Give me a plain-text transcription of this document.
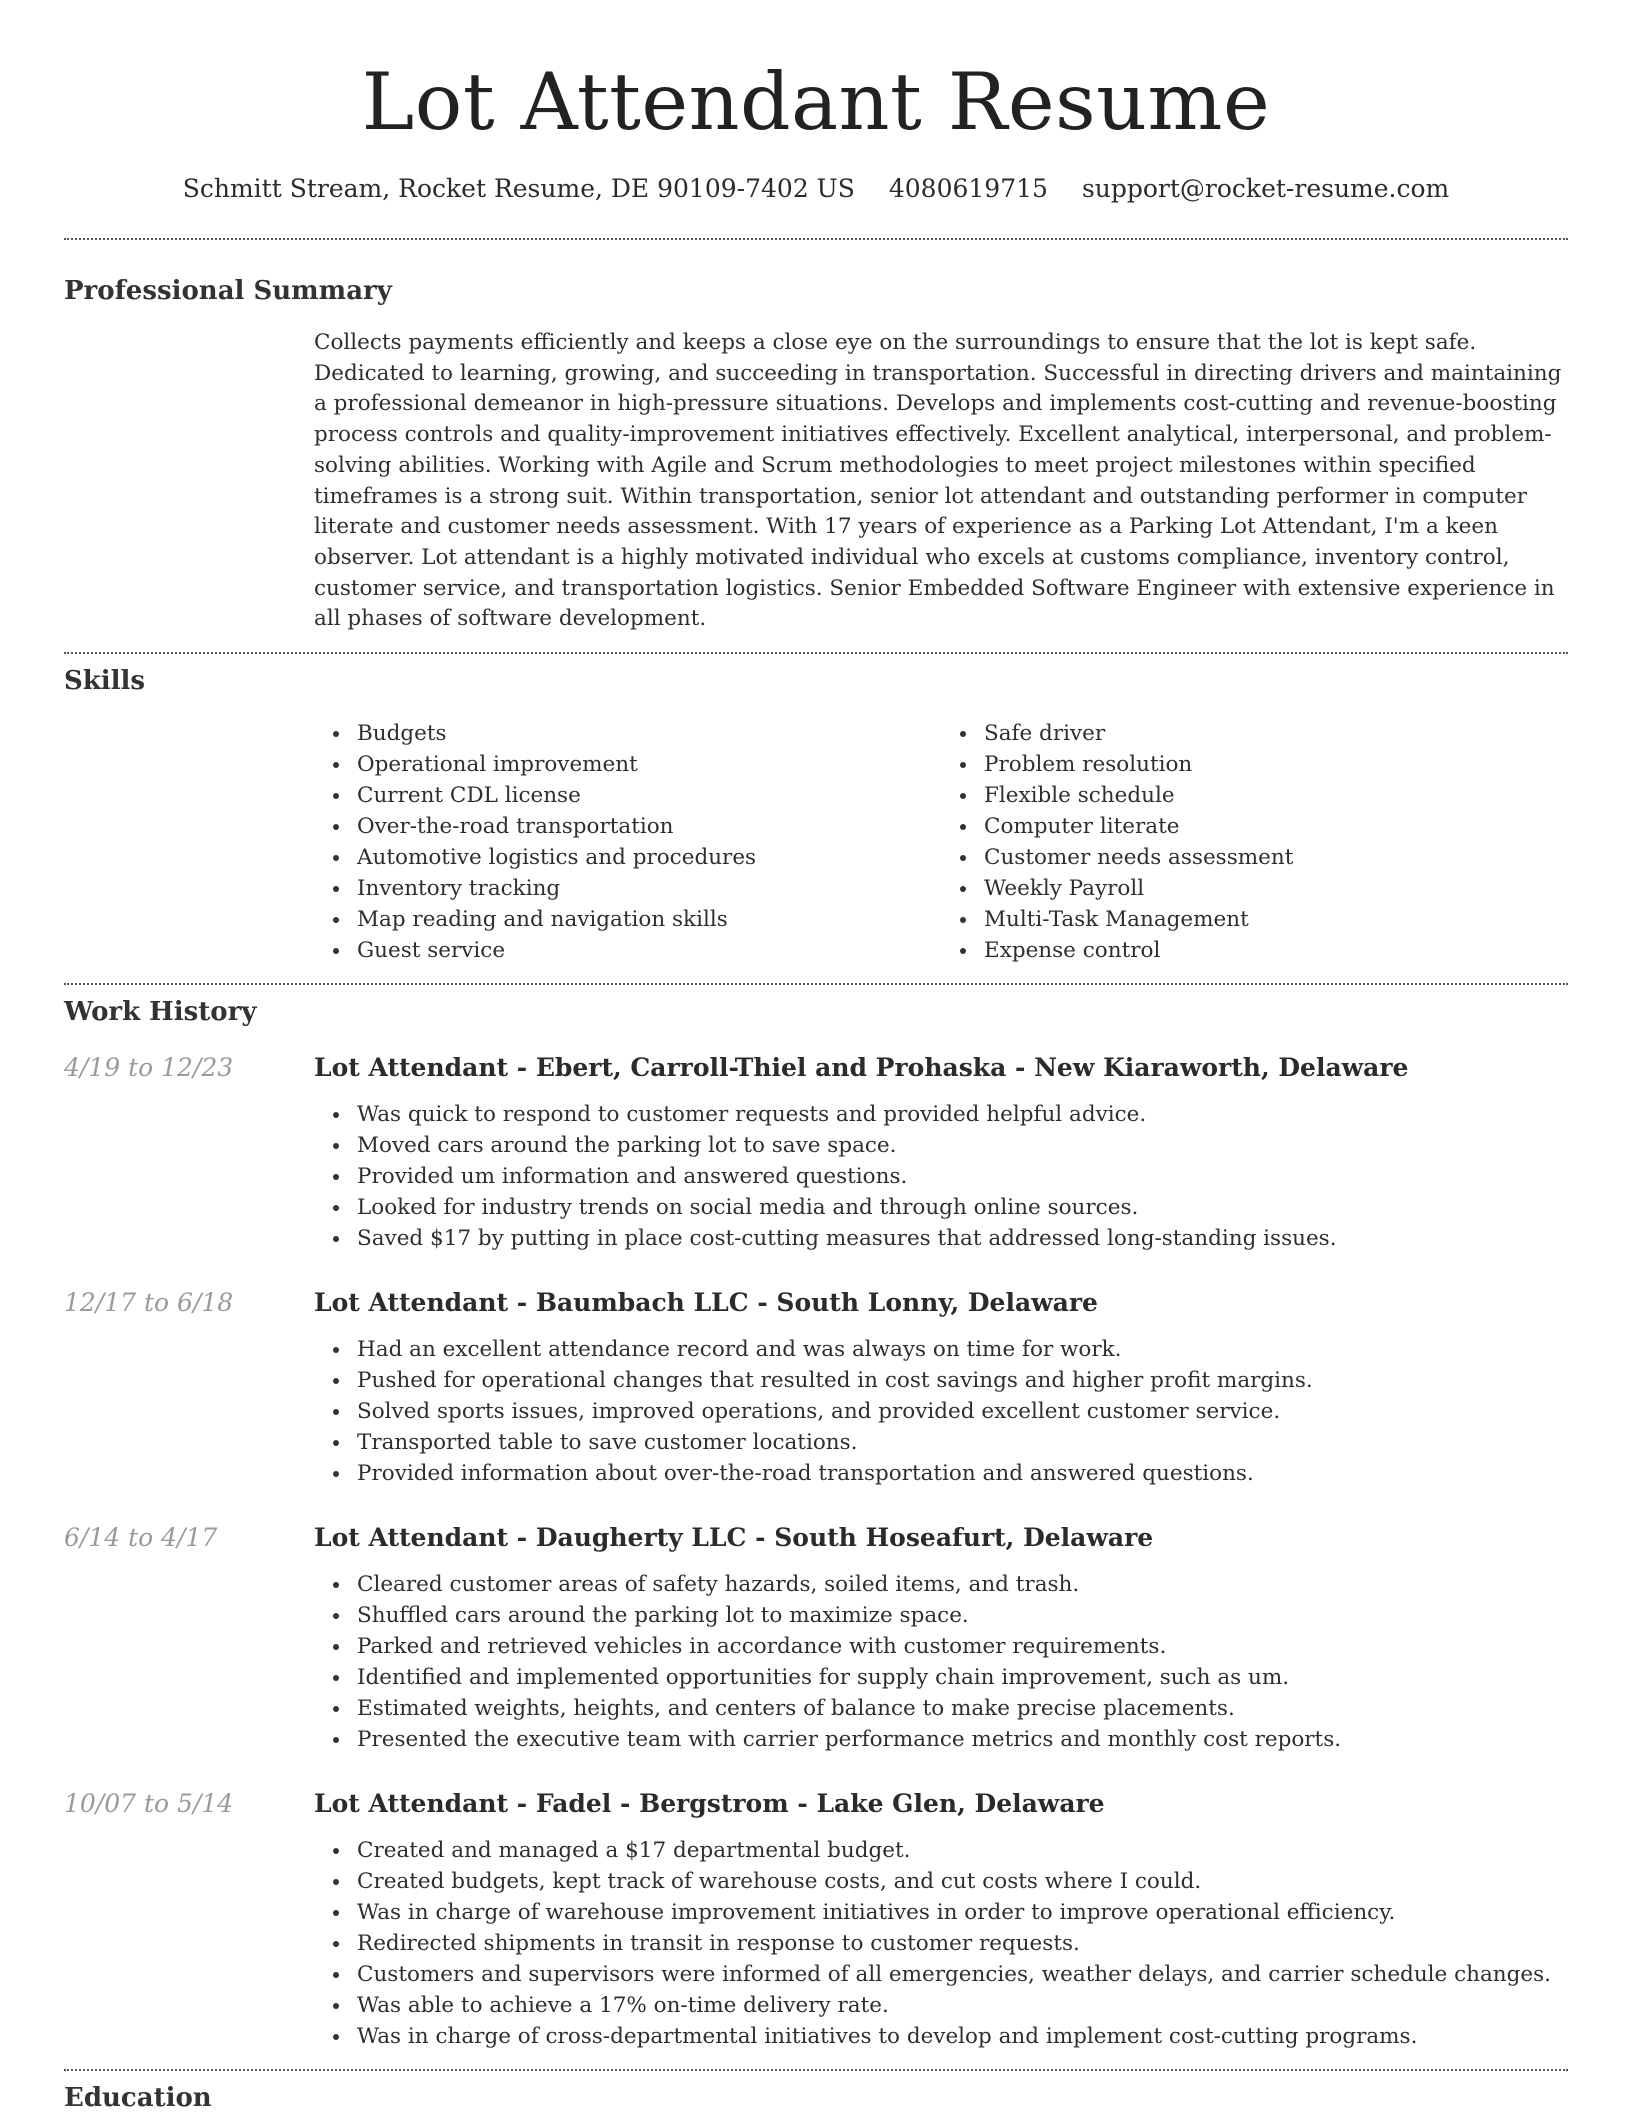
Lot Attendant Resume
Schmitt Stream, Rocket Resume, DE 90109-7402 US 4080619715 support@rocket-resume.com
Professional Summary

Collects payments efficiently and keeps a close eye on the surroundings to ensure that the lot is kept safe. Dedicated to learning, growing, and succeeding in transportation. Successful in directing drivers and maintaining a professional demeanor in high-pressure situations. Develops and implements cost-cutting and revenue-boosting process controls and quality-improvement initiatives effectively. Excellent analytical, interpersonal, and problem-solving abilities. Working with Agile and Scrum methodologies to meet project milestones within specified timeframes is a strong suit. Within transportation, senior lot attendant and outstanding performer in computer literate and customer needs assessment. With 17 years of experience as a Parking Lot Attendant, I'm a keen observer. Lot attendant is a highly motivated individual who excels at customs compliance, inventory control, customer service, and transportation logistics. Senior Embedded Software Engineer with extensive experience in all phases of software development.

Skills
Budgets
Operational improvement
Current CDL license
Over-the-road transportation
Automotive logistics and procedures
Inventory tracking
Map reading and navigation skills
Guest service
Safe driver
Problem resolution
Flexible schedule
Computer literate
Customer needs assessment
Weekly Payroll
Multi-Task Management
Expense control
Work History
4/19 to 12/23	Lot Attendant - Ebert, Carroll-Thiel and Prohaska - New Kiaraworth, Delaware
Was quick to respond to customer requests and provided helpful advice.
Moved cars around the parking lot to save space.
Provided um information and answered questions.
Looked for industry trends on social media and through online sources.
Saved $17 by putting in place cost-cutting measures that addressed long-standing issues.
12/17 to 6/18	Lot Attendant - Baumbach LLC - South Lonny, Delaware
Had an excellent attendance record and was always on time for work.
Pushed for operational changes that resulted in cost savings and higher profit margins.
Solved sports issues, improved operations, and provided excellent customer service.
Transported table to save customer locations.
Provided information about over-the-road transportation and answered questions.
6/14 to 4/17	Lot Attendant - Daugherty LLC - South Hoseafurt, Delaware
Cleared customer areas of safety hazards, soiled items, and trash.
Shuffled cars around the parking lot to maximize space.
Parked and retrieved vehicles in accordance with customer requirements.
Identified and implemented opportunities for supply chain improvement, such as um.
Estimated weights, heights, and centers of balance to make precise placements.
Presented the executive team with carrier performance metrics and monthly cost reports.
10/07 to 5/14	Lot Attendant - Fadel - Bergstrom - Lake Glen, Delaware
Created and managed a $17 departmental budget.
Created budgets, kept track of warehouse costs, and cut costs where I could.
Was in charge of warehouse improvement initiatives in order to improve operational efficiency.
Redirected shipments in transit in response to customer requests.
Customers and supervisors were informed of all emergencies, weather delays, and carrier schedule changes.
Was able to achieve a 17% on-time delivery rate.
Was in charge of cross-departmental initiatives to develop and implement cost-cutting programs.
Education
